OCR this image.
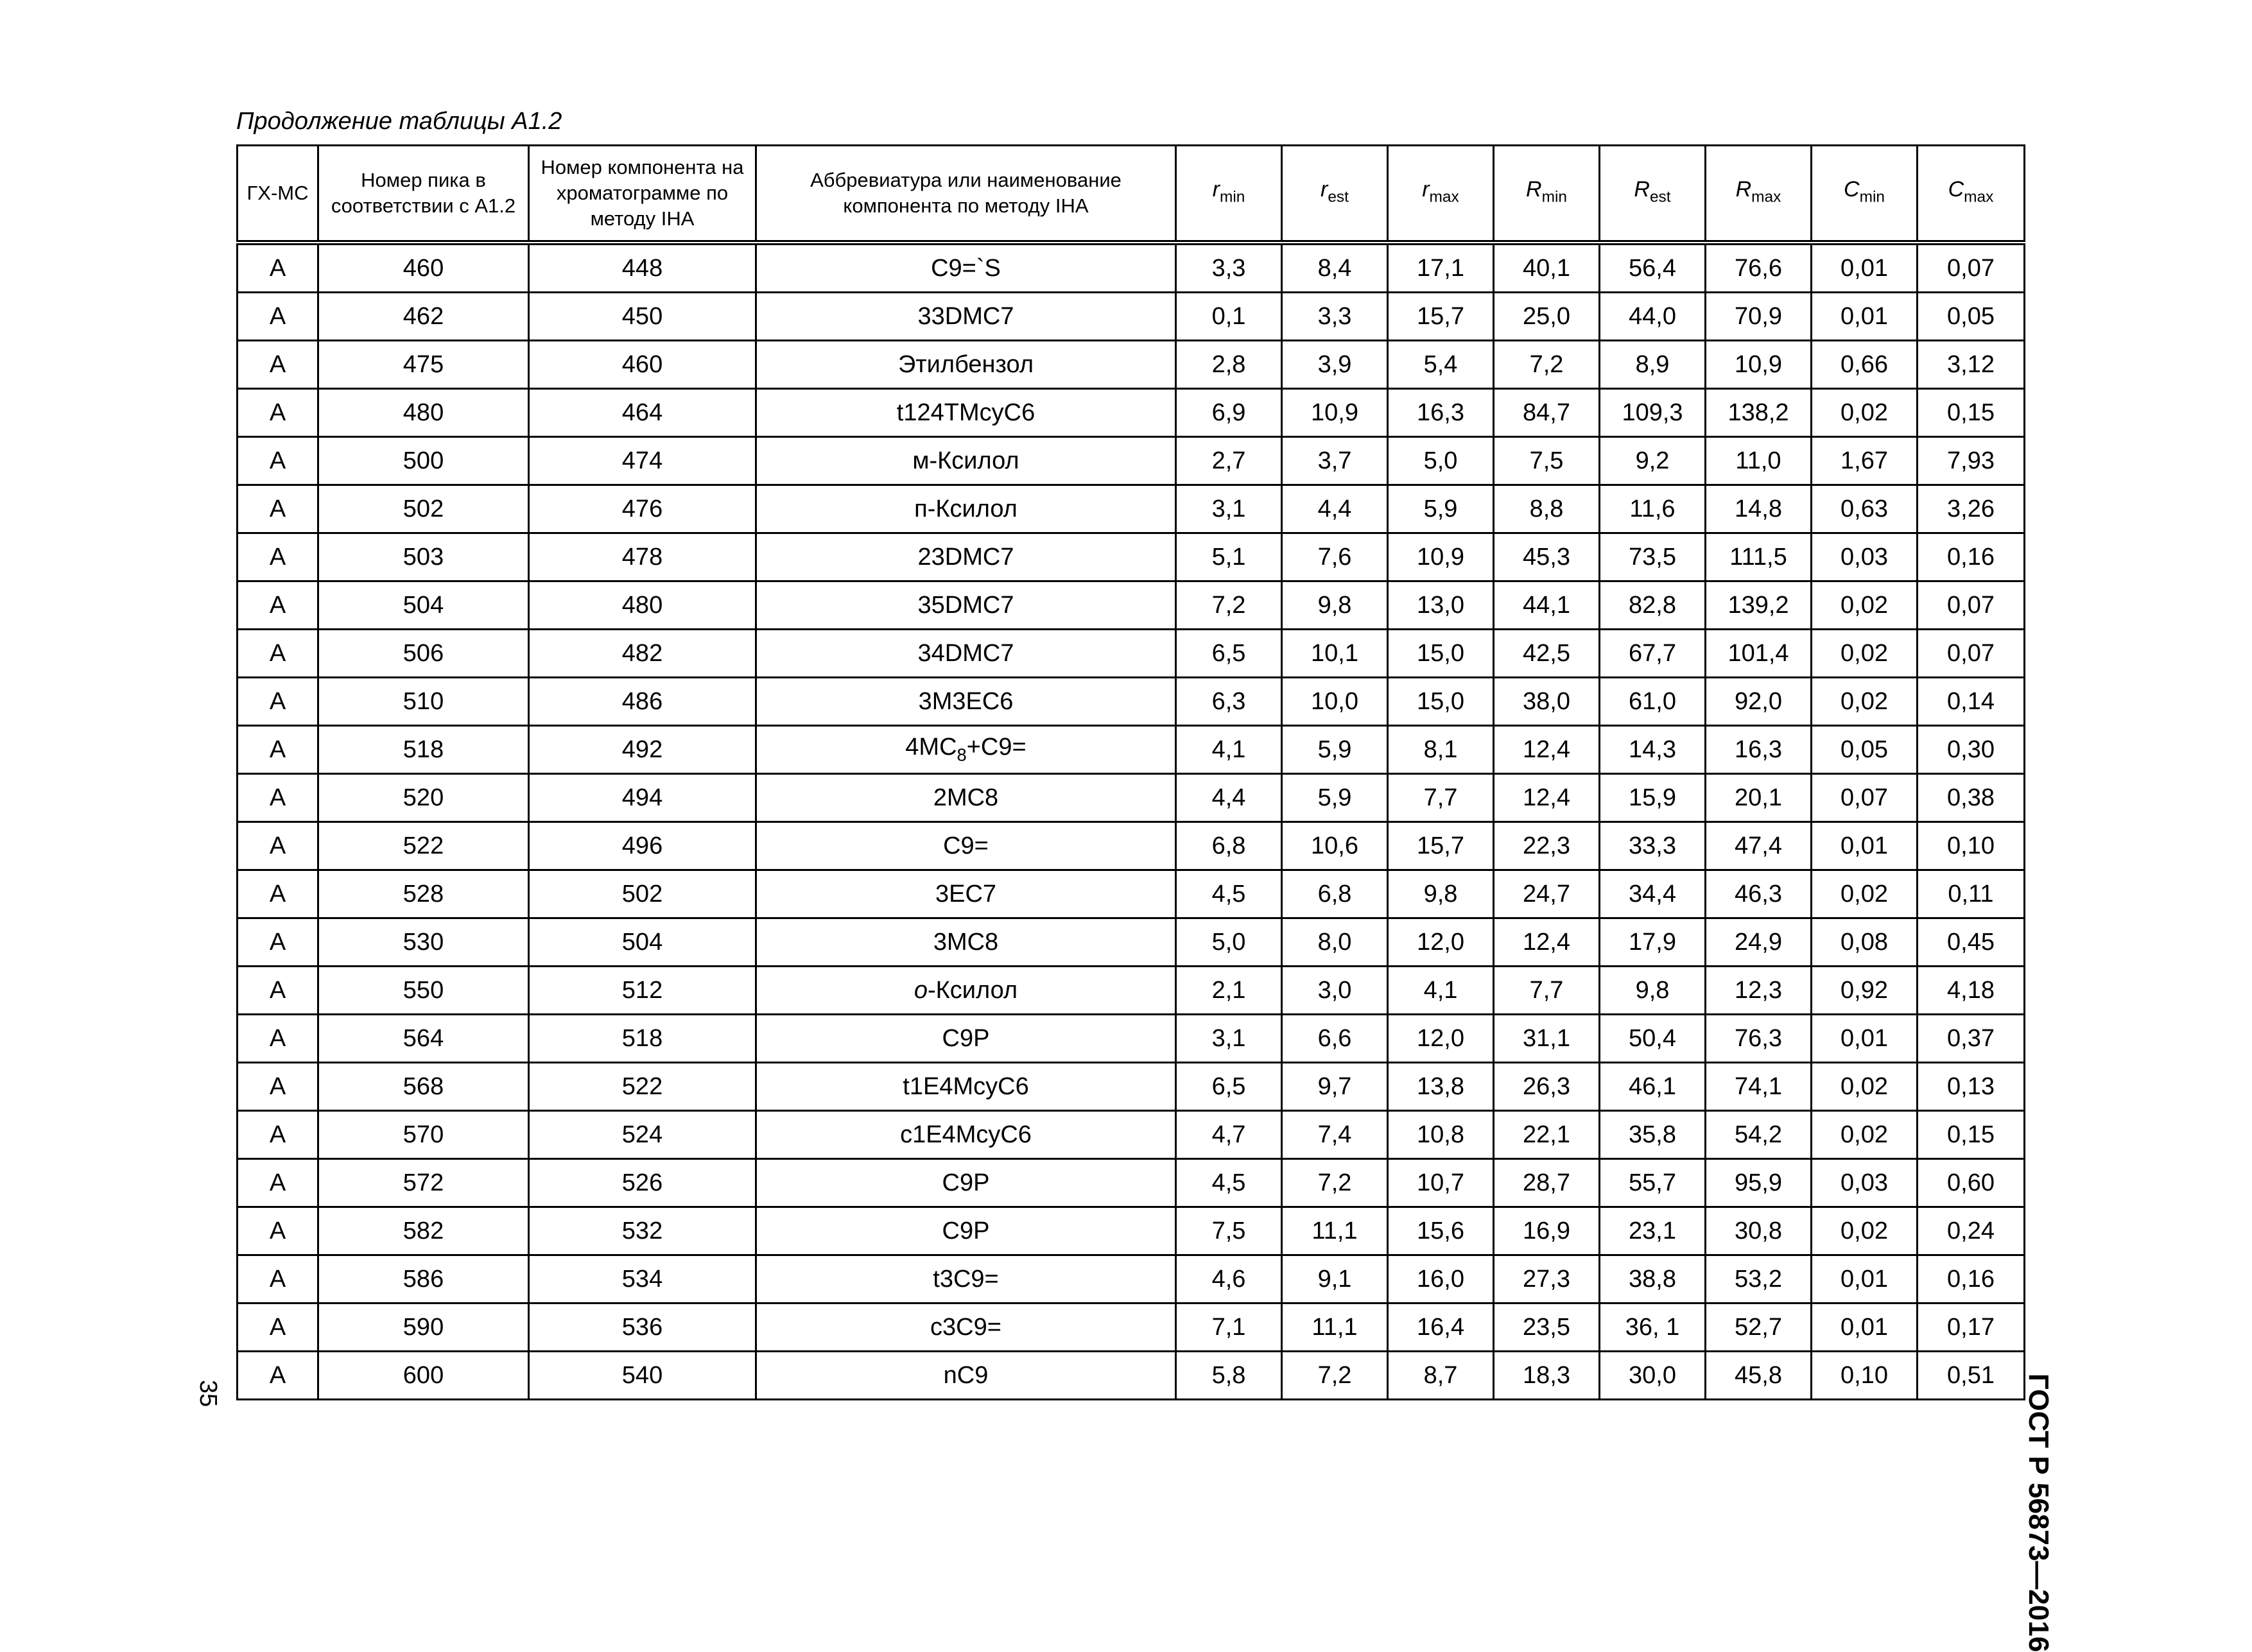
Продолжение таблицы А1.2
ГХ-МС	Номер пика в соответствии с А1.2	Номер компонента на хроматограмме по методу IHA	Аббревиатура или наименование компонента по методу IHA	$r_{min}$	$r_{est}$	$r_{max}$	$R_{min}$	$R_{est}$	$R_{max}$	$C_{min}$	$C_{max}$
A	460	448	C9=`S	3,3	8,4	17,1	40,1	56,4	76,6	0,01	0,07
A	462	450	33DMC7	0,1	3,3	15,7	25,0	44,0	70,9	0,01	0,05
A	475	460	Этилбензол	2,8	3,9	5,4	7,2	8,9	10,9	0,66	3,12
A	480	464	t124TMcyC6	6,9	10,9	16,3	84,7	109,3	138,2	0,02	0,15
A	500	474	м-Ксилол	2,7	3,7	5,0	7,5	9,2	11,0	1,67	7,93
A	502	476	п-Ксилол	3,1	4,4	5,9	8,8	11,6	14,8	0,63	3,26
A	503	478	23DMC7	5,1	7,6	10,9	45,3	73,5	111,5	0,03	0,16
A	504	480	35DMC7	7,2	9,8	13,0	44,1	82,8	139,2	0,02	0,07
A	506	482	34DMC7	6,5	10,1	15,0	42,5	67,7	101,4	0,02	0,07
A	510	486	3M3EC6	6,3	10,0	15,0	38,0	61,0	92,0	0,02	0,14
A	518	492	$4MC_8+C9=$	4,1	5,9	8,1	12,4	14,3	16,3	0,05	0,30
A	520	494	2MC8	4,4	5,9	7,7	12,4	15,9	20,1	0,07	0,38
A	522	496	C9=	6,8	10,6	15,7	22,3	33,3	47,4	0,01	0,10
A	528	502	3EC7	4,5	6,8	9,8	24,7	34,4	46,3	0,02	0,11
A	530	504	3MC8	5,0	8,0	12,0	12,4	17,9	24,9	0,08	0,45
A	550	512	о-Ксилол	2,1	3,0	4,1	7,7	9,8	12,3	0,92	4,18
A	564	518	C9P	3,1	6,6	12,0	31,1	50,4	76,3	0,01	0,37
A	568	522	t1E4McyC6	6,5	9,7	13,8	26,3	46,1	74,1	0,02	0,13
A	570	524	c1E4McyC6	4,7	7,4	10,8	22,1	35,8	54,2	0,02	0,15
A	572	526	C9P	4,5	7,2	10,7	28,7	55,7	95,9	0,03	0,60
A	582	532	C9P	7,5	11,1	15,6	16,9	23,1	30,8	0,02	0,24
A	586	534	t3C9=	4,6	9,1	16,0	27,3	38,8	53,2	0,01	0,16
A	590	536	c3C9=	7,1	11,1	16,4	23,5	36, 1	52,7	0,01	0,17
A	600	540	nC9	5,8	7,2	8,7	18,3	30,0	45,8	0,10	0,51 ГОСТ Р 56873—2016
35
